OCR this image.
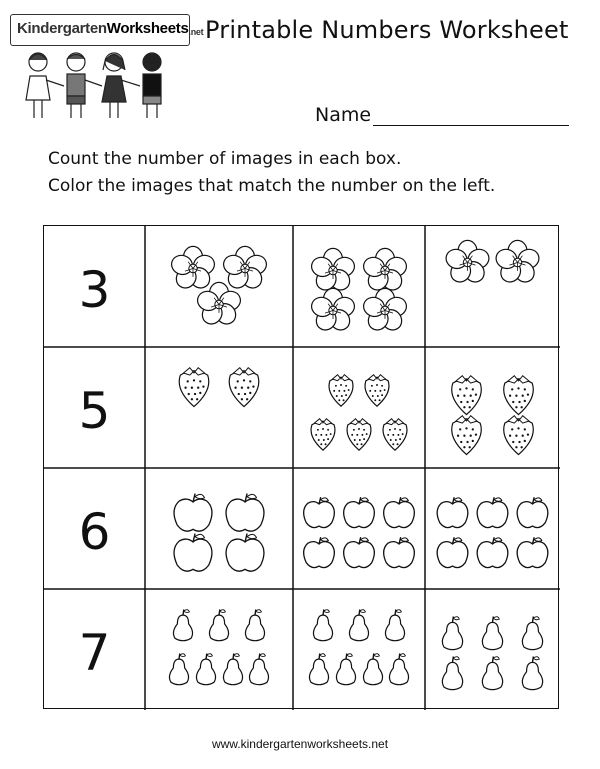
KindergartenWorksheets.net Printable Numbers Worksheet
Name
Count the number of images in each box.
Color the images that match the number on the left.
3
5
6
7
www.kindergartenworksheets.net
